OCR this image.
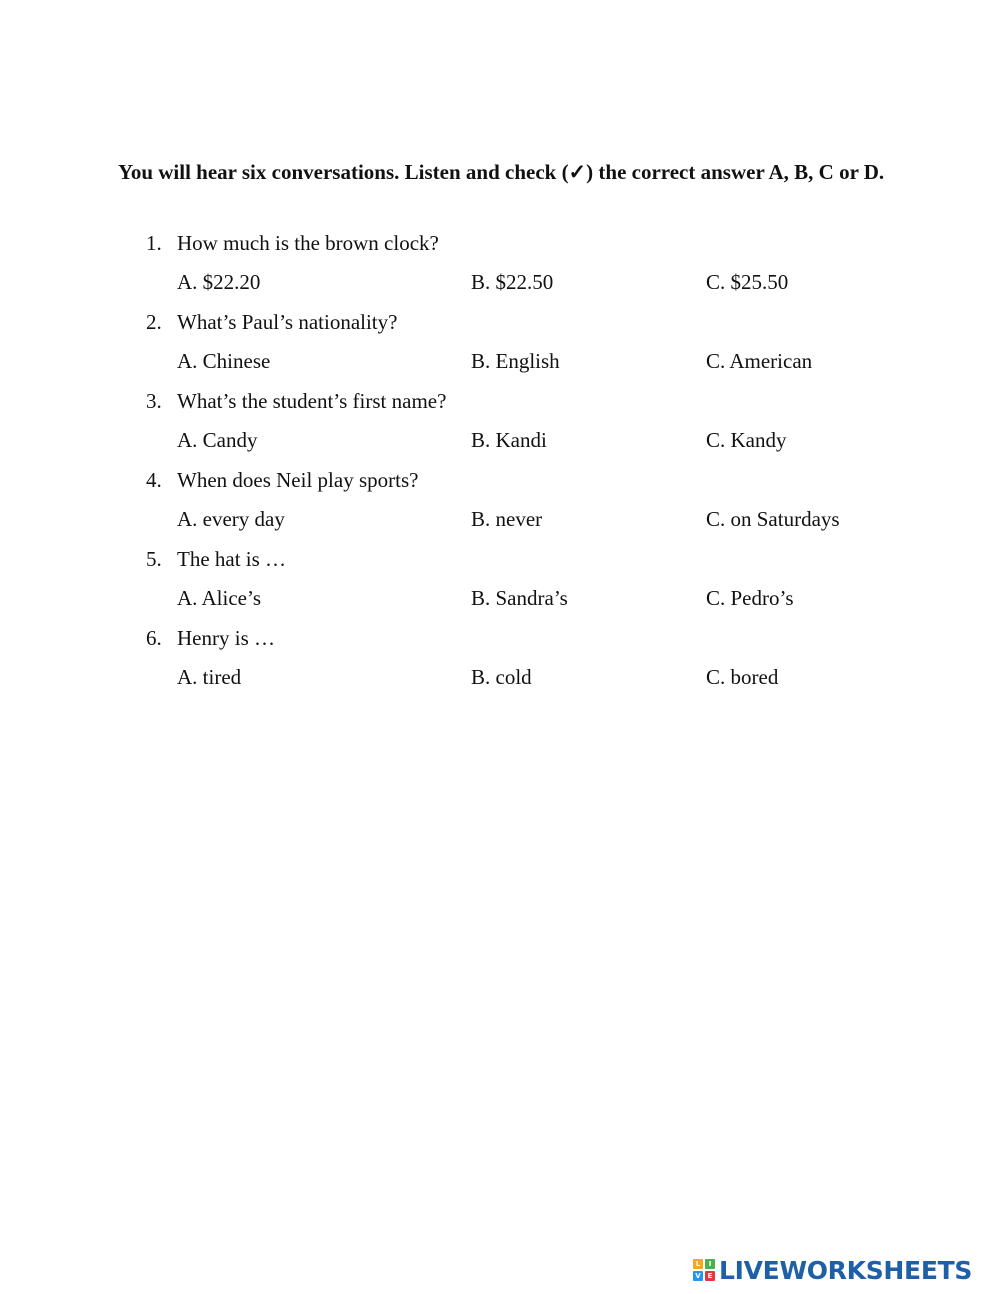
You will hear six conversations. Listen and check (✓) the correct answer A, B, C or D.
1. How much is the brown clock?
A. $22.20	B. $22.50	C. $25.50
2. What’s Paul’s nationality?
A. Chinese	B. English	C. American
3. What’s the student’s first name?
A. Candy	B. Kandi	C. Kandy
4. When does Neil play sports?
A. every day	B. never	C. on Saturdays
5. The hat is …
A. Alice’s	B. Sandra’s	C. Pedro’s
6. Henry is …
A. tired	B. cold	C. bored
L	I
V E LIVEWORKSHEETS
